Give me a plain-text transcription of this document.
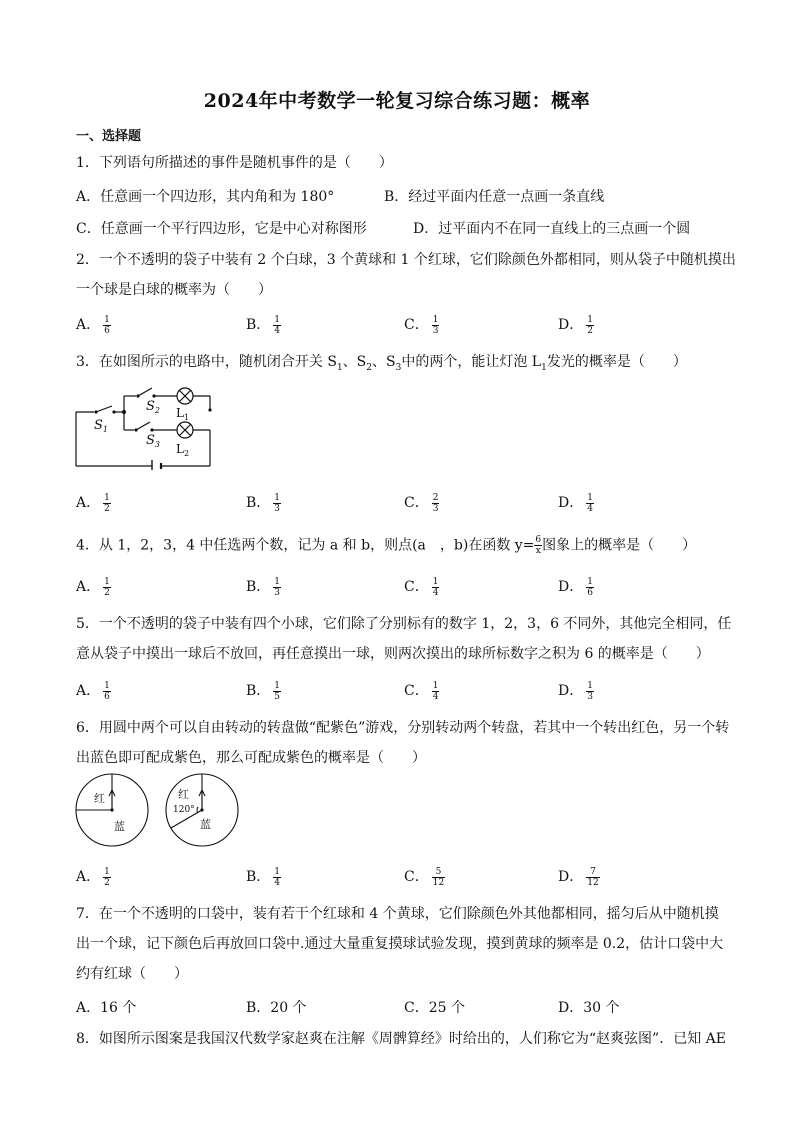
2024年中考数学一轮复习综合练习题：概率
一、选择题
1．下列语句所描述的事件是随机事件的是（　　）
A．任意画一个四边形，其内角和为 180°	B．经过平面内任意一点画一条直线
C．任意画一个平行四边形，它是中心对称图形	D．过平面内不在同一直线上的三点画一个圆
2．一个不透明的袋子中装有 2 个白球，3 个黄球和 1 个红球，它们除颜色外都相同，则从袋子中随机摸出
一个球是白球的概率为（　　）
A． $\frac{1}{6}$	B． $\frac{1}{4}$	C． $\frac{1}{3}$	D． $\frac{1}{2}$
3．在如图所示的电路中，随机闭合开关 $S_1$、$S_2$、$S_3$中的两个，能让灯泡 $L_1$发光的概率是（　　）
$S_1$
$S_2$
$S_3$
$L_1$
$L_2$
A． $\frac{1}{2}$	B． $\frac{1}{3}$	C． $\frac{2}{3}$	D． $\frac{1}{4}$
4．从 1，2，3，4 中任选两个数，记为 a 和 b，则点(a　，b)在函数 $y= \frac{6}{x}$ 图象上的概率是（　　）
A． $\frac{1}{2}$	B． $\frac{1}{3}$	C． $\frac{1}{4}$	D． $\frac{1}{6}$
5．一个不透明的袋子中装有四个小球，它们除了分别标有的数字 1，2，3，6 不同外，其他完全相同，任
意从袋子中摸出一球后不放回，再任意摸出一球，则两次摸出的球所标数字之积为 6 的概率是（　　）
A． $\frac{1}{6}$	B． $\frac{1}{5}$	C． $\frac{1}{4}$	D． $\frac{1}{3}$
6．用圆中两个可以自由转动的转盘做“配紫色”游戏，分别转动两个转盘，若其中一个转出红色，另一个转
出蓝色即可配成紫色，那么可配成紫色的概率是（　　）
红
蓝
红
120°
蓝
A． $\frac{1}{2}$	B． $\frac{1}{4}$	C． $\frac{5}{12}$	D． $\frac{7}{12}$
7．在一个不透明的口袋中，装有若干个红球和 4 个黄球，它们除颜色外其他都相同，摇匀后从中随机摸
出一个球，记下颜色后再放回口袋中.通过大量重复摸球试验发现，摸到黄球的频率是 0.2，估计口袋中大
约有红球（　　）
A．16 个	B．20 个	C．25 个	D．30 个
8．如图所示图案是我国汉代数学家赵爽在注解《周髀算经》时给出的，人们称它为“赵爽弦图”．已知 AE
